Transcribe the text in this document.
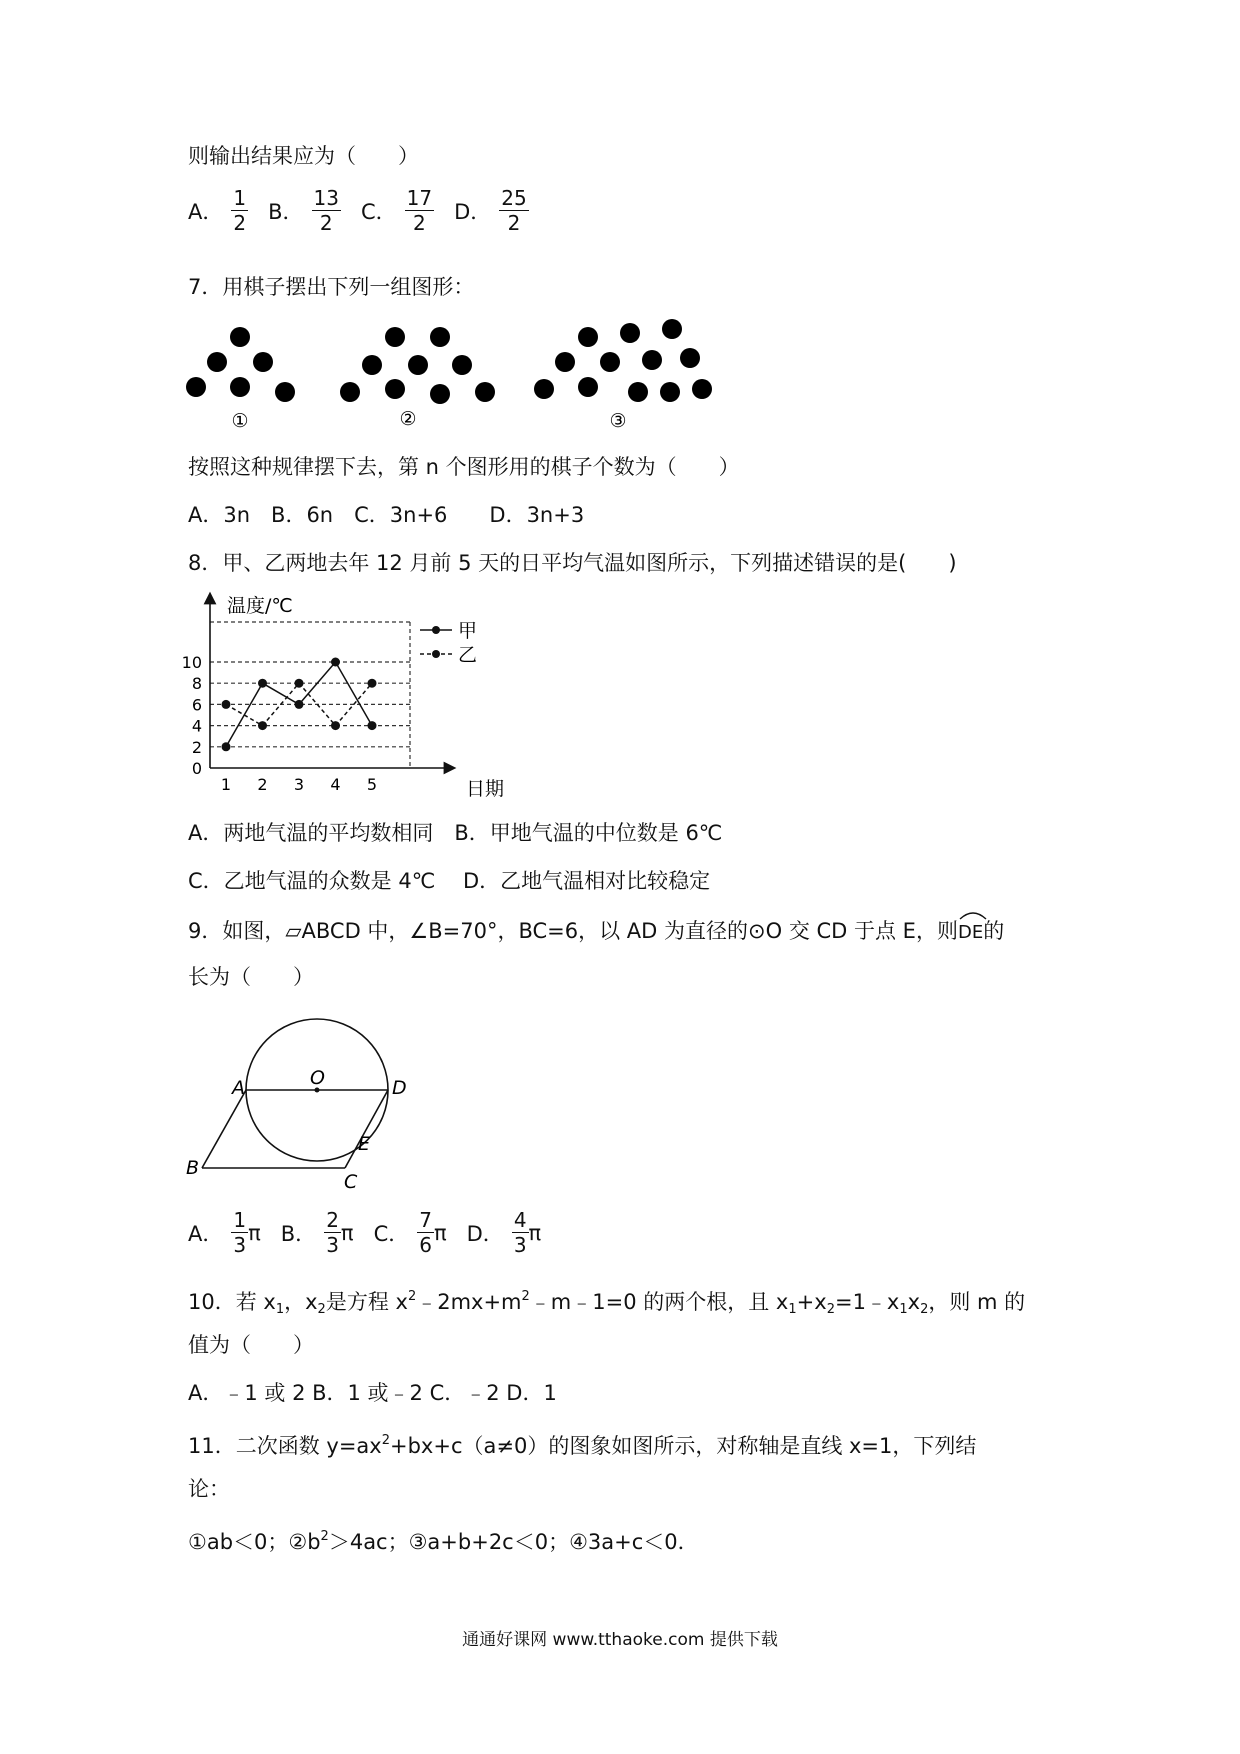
则输出结果应为（　　）
A． $\frac{1}{2}$ B． $\frac{13}{2}$ C． $\frac{17}{2}$ D． $\frac{25}{2}$
7．用棋子摆出下列一组图形：
①	②	③
按照这种规律摆下去，第 n 个图形用的棋子个数为（　　）
A．3n　B．6n　C．3n+6　　D．3n+3
8．甲、乙两地去年 12 月前 5 天的日平均气温如图所示，下列描述错误的是(　　)
温度/℃
日期
0
2
4
6
8
10
1 2 3 4 5
甲
乙
A．两地气温的平均数相同　B．甲地气温的中位数是 6℃
C．乙地气温的众数是 4℃　 D．乙地气温相对比较稳定
9．如图，▱ABCD 中，∠B=70°，BC=6，以 AD 为直径的⊙O 交 CD 于点 E，则
DE的
长为（　　）
A	O	D
B
C
E
A． $\frac{1}{3}$ π B． $\frac{2}{3}$ π C． $\frac{7}{6}$ π D． $\frac{4}{3}$ π
10．若 $x_1$，$x_2$是方程 $x^2﹣2mx+m^2﹣m﹣1=0$ 的两个根，且 $x_1+x_2=1﹣x_1x_2$，则 m 的
值为（　　）
A．﹣1 或 2 B．1 或﹣2 C．﹣2 D．1
11．二次函数 $y=ax^2+bx+c(a\ne 0)$的图象如图所示，对称轴是直线 x=1，下列结
论：
①ab＜0；$②b^2>4ac$；③a+b+2c＜0；④3a+c＜0．
通通好课网 www.tthaoke.com 提供下载
